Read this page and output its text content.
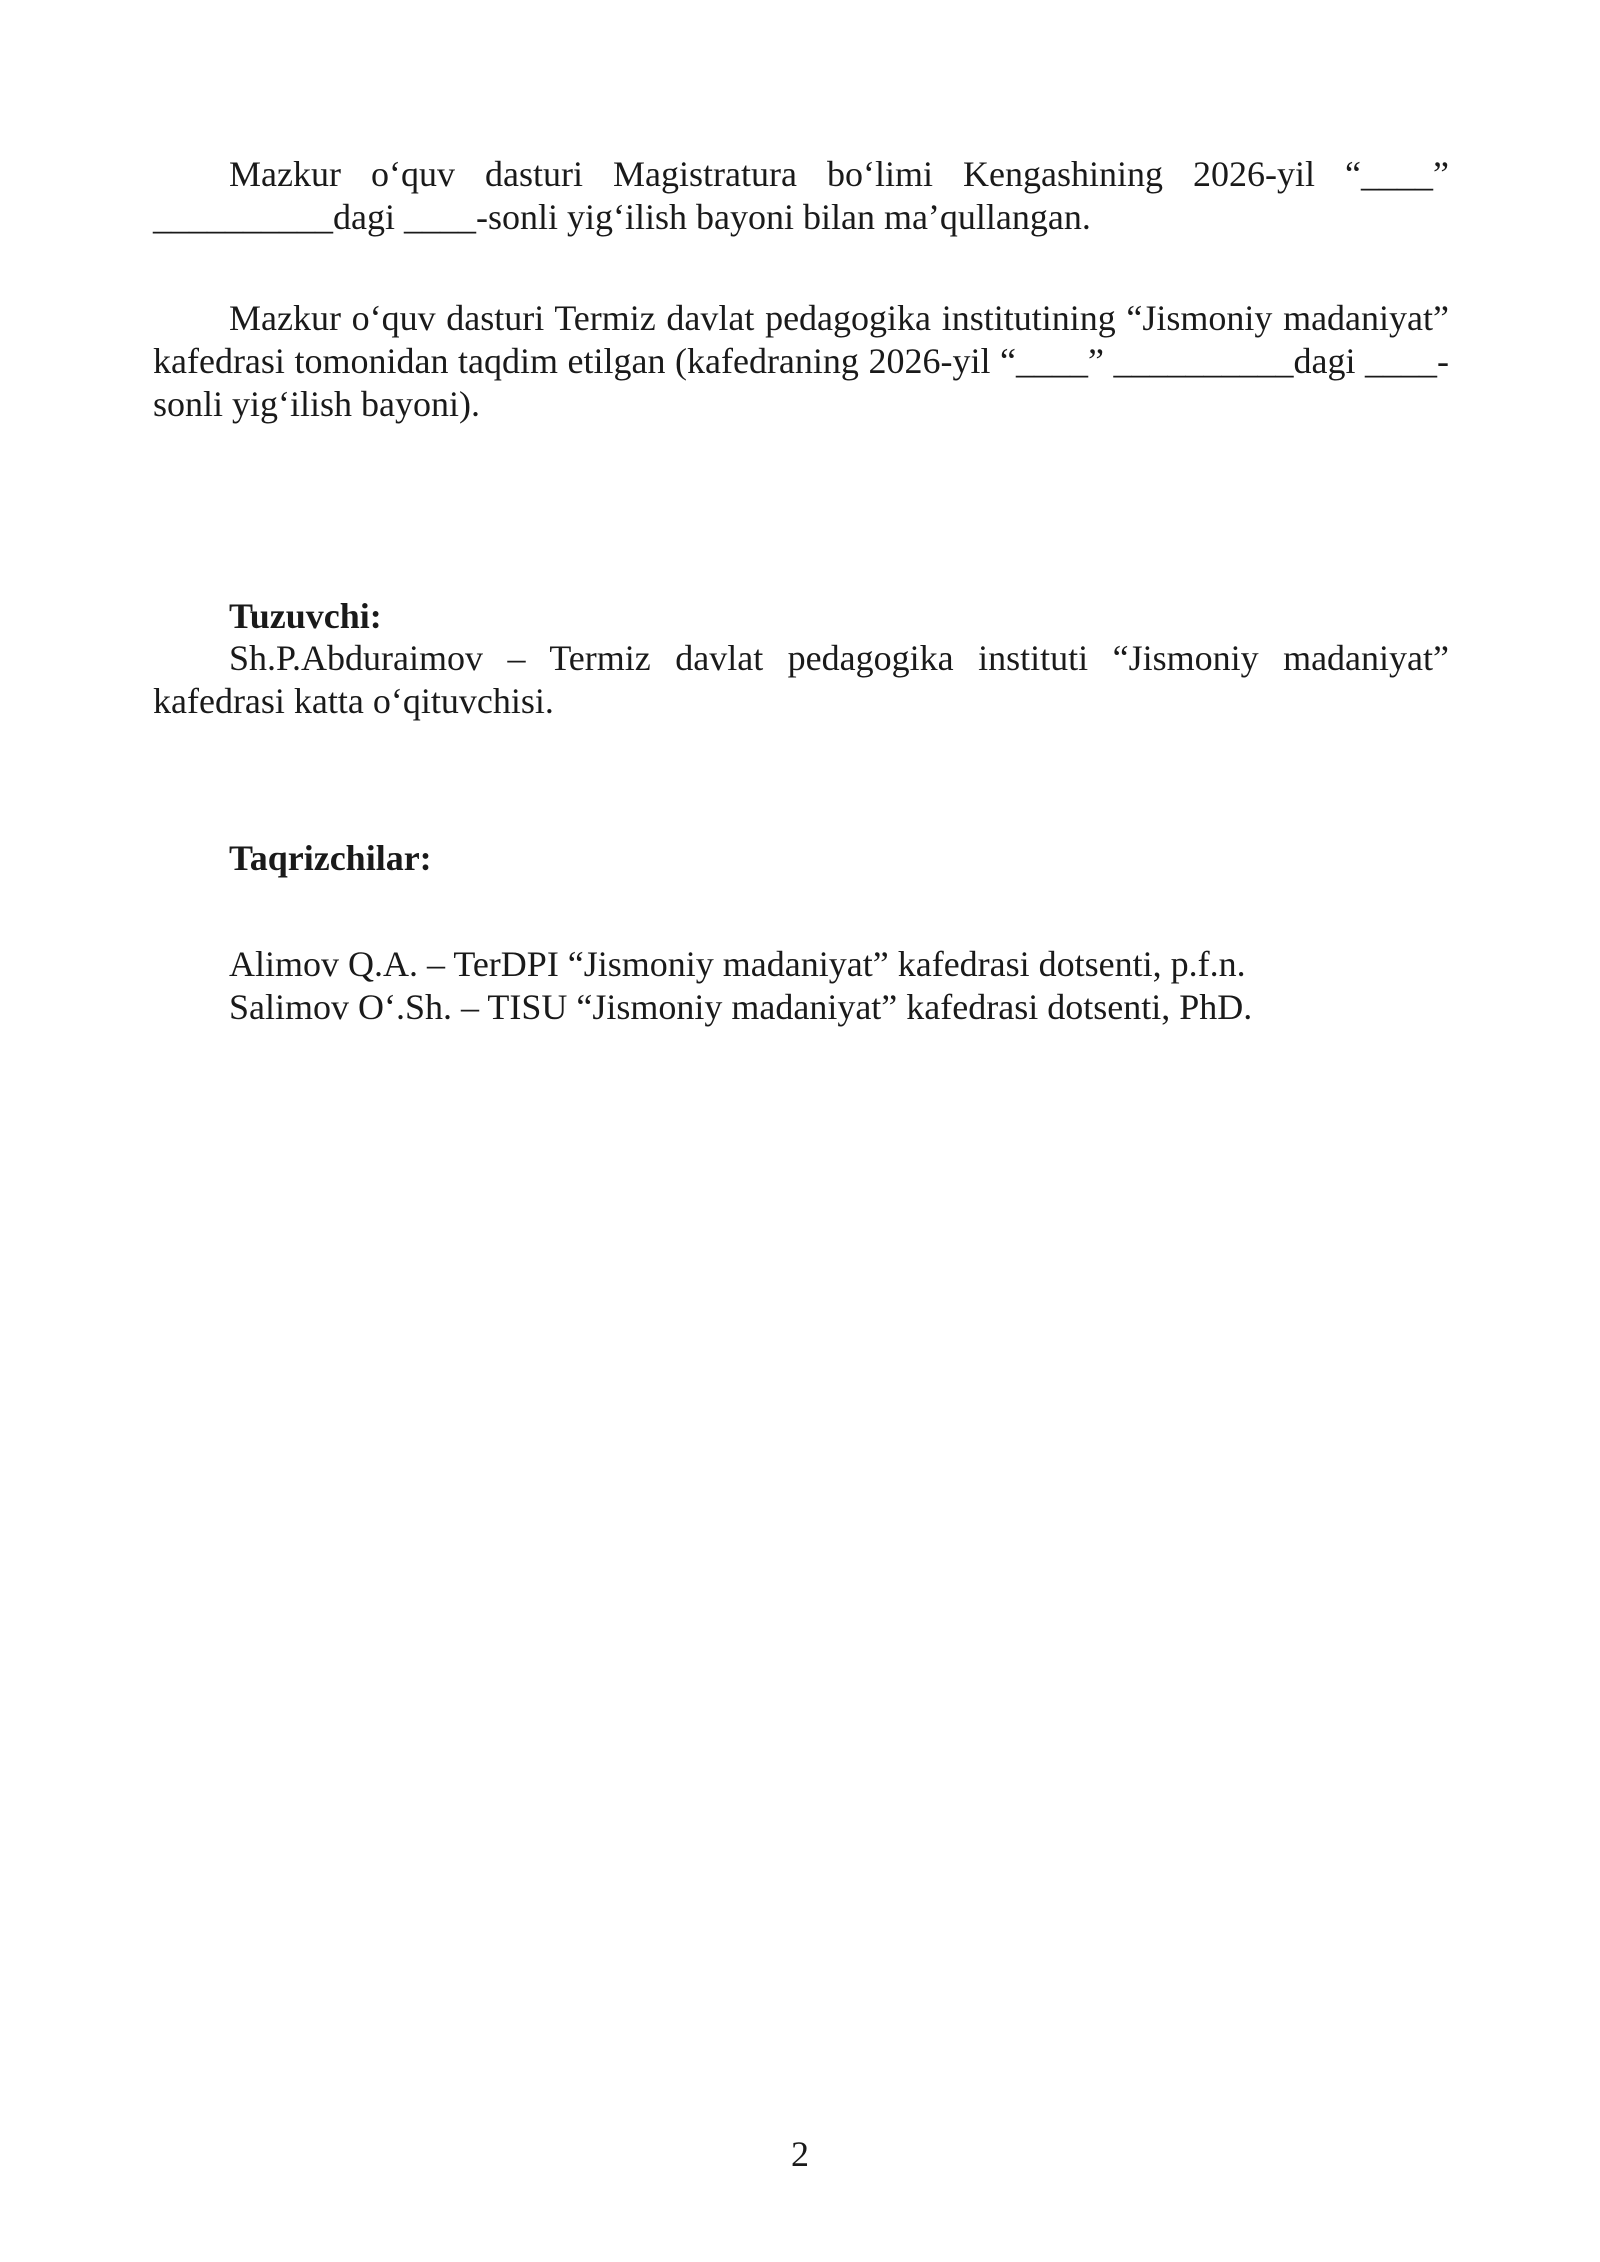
Mazkur o‘quv dasturi Magistratura bo‘limi Kengashining 2026-yil “____” __________dagi ____-sonli yig‘ilish bayoni bilan ma’qullangan.

Mazkur o‘quv dasturi Termiz davlat pedagogika institutining “Jismoniy madaniyat” kafedrasi tomonidan taqdim etilgan (kafedraning 2026-yil “____” __________dagi ____-sonli yig‘ilish bayoni).

Tuzuvchi:

Sh.P.Abduraimov – Termiz davlat pedagogika instituti “Jismoniy madaniyat” kafedrasi katta o‘qituvchisi.

Taqrizchilar:

Alimov Q.A. – TerDPI “Jismoniy madaniyat” kafedrasi dotsenti, p.f.n.
Salimov O‘.Sh. – TISU “Jismoniy madaniyat” kafedrasi dotsenti, PhD.
2
